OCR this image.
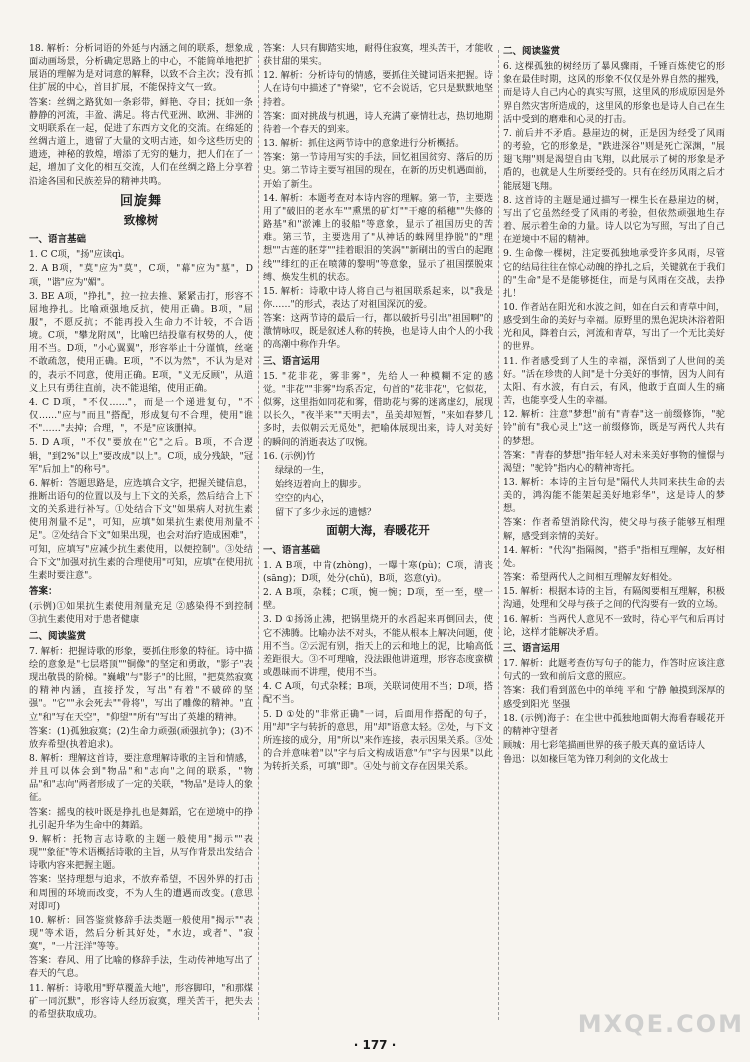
18. 解析：分析词语的外延与内涵之间的联系，想象成面动画场景，分析确定思路上的中心，不能简单地把扩展语的理解为是对词意的解释，以致不合主次；没有抓住扩展的中心，首目扩展，不能保持文气一致。

答案：丝绸之路犹如一条彩带，鲜艳、夺目；抚如一条静静的河流，丰盈、满足。将古代亚洲、欧洲、非洲的文明联系在一起，促进了东西方文化的交流。在绵延的丝绸古道上，遗留了大量的文明古迹，如今这些历史的遗迹，神秘的敦煌，增添了无穷的魅力，把人们在了一起，增加了文化的相互交流，人们在丝绸之路上分享着沿途各国和民族差异的精神共鸣。

回旋舞
致橡树
一、语言基础

1. C C项，"扬"应读qì。

2. A B项，"莫"应为"莫"，C项，"幕"应为"墓"，D项，"谐"应为"媚"。

3. BE A项，"挣扎"，拉一拉去推、紧紧击打，形容不屈地挣扎。比喻顽强地反抗，使用正确。B项，"屈服"，不愿反抗；不能再投入生命力不计较，不合语境。C项，"攀龙附凤"，比喻巴结投靠有权势的人，使用不当。D项，"小心翼翼"，形容举止十分谨慎，丝毫不敢疏忽，使用正确。E项，"不以为然"，不认为是对的，表示不同意，使用正确。E项，"义无反顾"，从道义上只有勇往直前，决不能退缩，使用正确。

4. C D项，"不仅……"，而是一个递进复句，"不仅……"应与"而且"搭配，形成复句不合理，使用"谁不"……"去掉；合理，"，不是"应该删掉。

5. D A项，"不仅"要放在"它"之后。B项，不合逻辑，"到2%"以上"要改成"以上"。C项，成分残缺，"冠军"后加上"的称号"。

6. 解析：答题思路是，应选填合文字，把握关键信息，推断出语句的位置以及与上下文的关系，然后结合上下文的关系进行补写。①处结合下文"如果病人对抗生素使用剂量不足"，可知，应填"如果抗生素使用剂量不足"。②处结合下文"如果出现，也会对治疗造成困难"，可知，应填写"应减少抗生素使用，以便控制"。③处结合下文"加强对抗生素的合理使用"可知，应填"在使用抗生素时要注意"。

答案：

(示例)①如果抗生素使用剂量充足 ②感染得不到控制 ③抗生素使用对于患者健康

二、阅读鉴赏

7. 解析：把握诗歌的形象，要抓住形象的特征。诗中描绘的意象是"七层塔顶""铜像"的坚定和勇敢，"影子"表现出敬畏的阶梯。"巍峨"与"影子"的比照，"把莫然寂寞的精神内涵，直接抒发，写出"有着"不破碎的坚强"。"它""永会死去""骨将"，写出了雕像的精神。"直立"和"写在天空"，"仰望""所有"写出了英雄的精神。

答案：(1)孤独寂寞；(2)生命力顽强(顽强抗争)；(3)不放弃希望(执着追求)。

8. 解析：理解这首诗，要注意理解诗歌的主旨和情感，并且可以体会到"物品"和"志向"之间的联系，"物品"和"志向"两者形成了一定的关联，"物品"是诗人的象征。

答案：摇曳的枝叶既是挣扎也是舞蹈，它在逆境中的挣扎引起升华为生命中的舞蹈。

9. 解析：托物言志诗歌的主题一般使用"揭示""表现""象征"等术语概括诗歌的主旨，从写作背景出发结合诗歌内容来把握主题。

答案：坚持理想与追求，不放弃希望，不因外界的打击和周围的环境而改变，不为人生的遭遇而改变。(意思对即可)

10. 解析：回答鉴赏修辞手法类题一般使用"揭示""表现"等术语，然后分析其好处，"水边，或者"、"寂寞"，"一片汪洋"等等。

答案：春风、用了比喻的修辞手法，生动传神地写出了春天的气息。

11. 解析：诗歌用"野草覆盖大地"，形容脚印，"和那煤矿一同沉默"，形容诗人经历寂寞，理关苦干，把失去的希望获取成功。

答案：人只有脚踏实地，耐得住寂寞，埋头苦干，才能收获甘甜的果实。

12. 解析：分析诗句的情感，要抓住关键词语来把握。诗人在诗句中描述了"脊梁"，它不会说话，它只是默默地坚持着。

答案：面对挑战与机遇，诗人充满了豪情壮志，热切地期待着一个春天的到来。

13. 解析：抓住这两节诗中的意象进行分析概括。

答案：第一节诗用写实的手法，回忆祖国贫穷、落后的历史。第二节诗主要写祖国的现在，在新的历史机遇面前，开始了新生。

14. 解析：本题考查对本诗内容的理解。第一节，主要选用了"破旧的老水车""熏黑的矿灯""干瘪的稻穗""失修的路基"和"淤滩上的驳船"等意象，显示了祖国历史的苦难。第三节，主要选用了"从神话的蛛网里挣脱"的"理想""古莲的胚芽""挂着眼泪的笑涡""新刷出的雪白的起跑线""绯红的正在喷薄的黎明"等意象，显示了祖国摆脱束缚、焕发生机的状态。

15. 解析：诗歌中诗人将自己与祖国联系起来，以"我是你……"的形式，表达了对祖国深沉的爱。

答案：这两节诗的最后一行，都以破折号引出"祖国啊"的激情咏叹，既是叙述人称的转换，也是诗人由个人的小我的高潮中称作升华。

三、语言运用

15. "花非花，雾非雾"，先给人一种模糊不定的感觉。"非花""非雾"均系否定，句首的"花非花"，它似花，似雾，这里指如同花和雾，借助花与雾的迷离虚幻，展现以长久，"夜半来""天明去"，虽美却短暂，"来如春梦几多时，去似朝云无觅处"，把喻体展现出来，诗人对美好的瞬间的消逝表达了叹惋。

16. (示例)竹

绿绿的一生，

始终迈着向上的脚步。

空空的内心，

留下了多少永远的遗憾？

面朝大海，春暖花开
一、语言基础

1. A B项，中肯(zhòng)，一曝十寒(pù)；C项，清丧(sāng)；D项，处分(chǔ)，B项，恣意(yì)。

2. A B项，杂糅；C项，惋一惋；D项，至一至，壁一壁。

3. D ①扬汤止沸，把锅里烧开的水舀起来再倒回去，使它不沸腾。比喻办法不对头，不能从根本上解决问题，使用不当。②云泥有别，指天上的云和地上的泥，比喻高低差距很大。③不可理喻，没法跟他讲道理，形容态度蛮横或愚昧而不讲理，使用不当。

4. C A项，句式杂糅；B项，关联词使用不当；D项，搭配不当。

5. D ①处的"非常正确"一词，后面用作搭配的句子，用"却"字与转折的意思，用"却"语意太轻。②处，与下文所连接的成分，用"所以"来作连接，表示因果关系。③处的合并意味着"以"字与后文构成语意"乍"字与因果"以此为转折关系，可填"即"。④处与前文存在因果关系。

二、阅读鉴赏

6. 这棵孤独的树经历了暴风骤雨，千锤百炼使它的形象在最佳时期，这风的形象不仅仅是外界自然的摧残，而是诗人自己内心的真实写照，这里风的形成原因是外界自然灾害所造成的，这里风的形象也是诗人自己在生活中受到的磨难和心灵的打击。

7. 前后并不矛盾。悬崖边的树，正是因为经受了风雨的考验，它的形象是，"跌进深谷"则是死亡深渊，"展翅飞翔"则是渴望自由飞翔，以此展示了树的形象是矛盾的，也就是人生所要经受的。只有在经历风雨之后才能展翅飞翔。

8. 这首诗的主题是通过描写一棵生长在悬崖边的树，写出了它虽然经受了风雨的考验，但依然顽强地生存着、展示着生命的力量。诗人以它为写照，写出了自己在逆境中不屈的精神。

9. 生命像一棵树，注定要孤独地承受许多风雨，尽管它的结局往往在惊心动魄的挣扎之后，关键就在于我们的"生命"是不是能够挺住，而是与风雨在交战，去挣扎！

10. 作者站在阳光和水波之间，如在白云和青草中间，感受到生命的美好与幸福。原野里的黑色泥块沐浴着阳光和风，降着白云，河流和青草，写出了一个无比美好的世界。

11. 作者感受到了人生的幸福，深悟到了人世间的美好。"活在珍贵的人间"是十分美好的事情，因为人间有太阳、有水波，有白云，有风，他敢于直面人生的痛苦，也能享受人生的幸福。

12. 解析：注意"梦想"前有"青春"这一前缀修饰，"驼铃"前有"我心灵上"这一前缀修饰，既是写两代人共有的梦想。

答案："青春的梦想"指年轻人对未来美好事物的憧憬与渴望；"驼铃"指内心的精神寄托。

13. 解析：本诗的主旨句是"隔代人共同来扶生命的去美的，鸿沟能不能架起美好地彩华"，这是诗人的梦想。

答案：作者希望消除代沟，使父母与孩子能够互相理解，感受到亲情的美好。

14. 解析："代沟"指隔阂，"搭手"指相互理解，友好相处。

答案：希望两代人之间相互理解友好相处。

15. 解析：根据本诗的主旨，有隔阂要相互理解，积极沟通，处理和父母与孩子之间的代沟要有一致的立场。

16. 解析：当两代人意见不一致时，待心平气和后再讨论，这样才能解决矛盾。

三、语言运用

17. 解析：此题考查仿写句子的能力，作答时应该注意句式的一致和前后文意的照应。

答案：我们看到蓝色中的单纯 平和 宁静 触摸到深厚的 感受到阳光 坚强

18. (示例)海子：在尘世中孤独地面朝大海看春暖花开的精神守望者

顾城：用七彩笔描画世界的孩子般天真的童话诗人

鲁迅：以如椽巨笔为锋刀利剑的文化战士

MXQE.COM
· 177 ·
